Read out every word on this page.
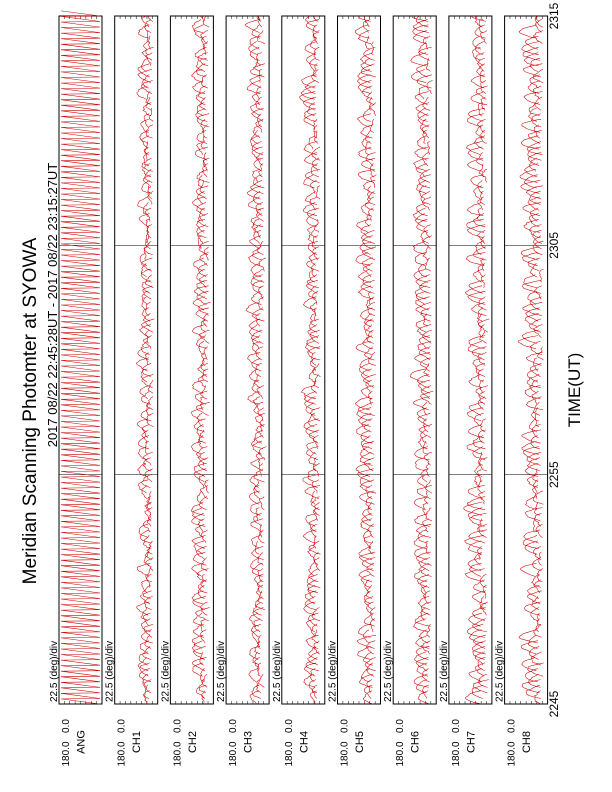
Meridian Scanning Photomter at SYOWA 2017 08/22 22:45:28UT - 2017 08/22 23:15:27UT	TIME(UT)
ANG
180.0
0.0
22.5 (deg)/div
CH1
180.0
0.0
22.5 (deg)/div
CH2
180.0
0.0
22.5 (deg)/div
CH3
180.0
0.0
22.5 (deg)/div
CH4
180.0
0.0
22.5 (deg)/div
CH5
180.0
0.0
22.5 (deg)/div
CH6
180.0
0.0
22.5 (deg)/div
CH7
180.0
0.0
22.5 (deg)/div
CH8
180.0
0.0
22.5 (deg)/div
2245
2255
2305
2315
